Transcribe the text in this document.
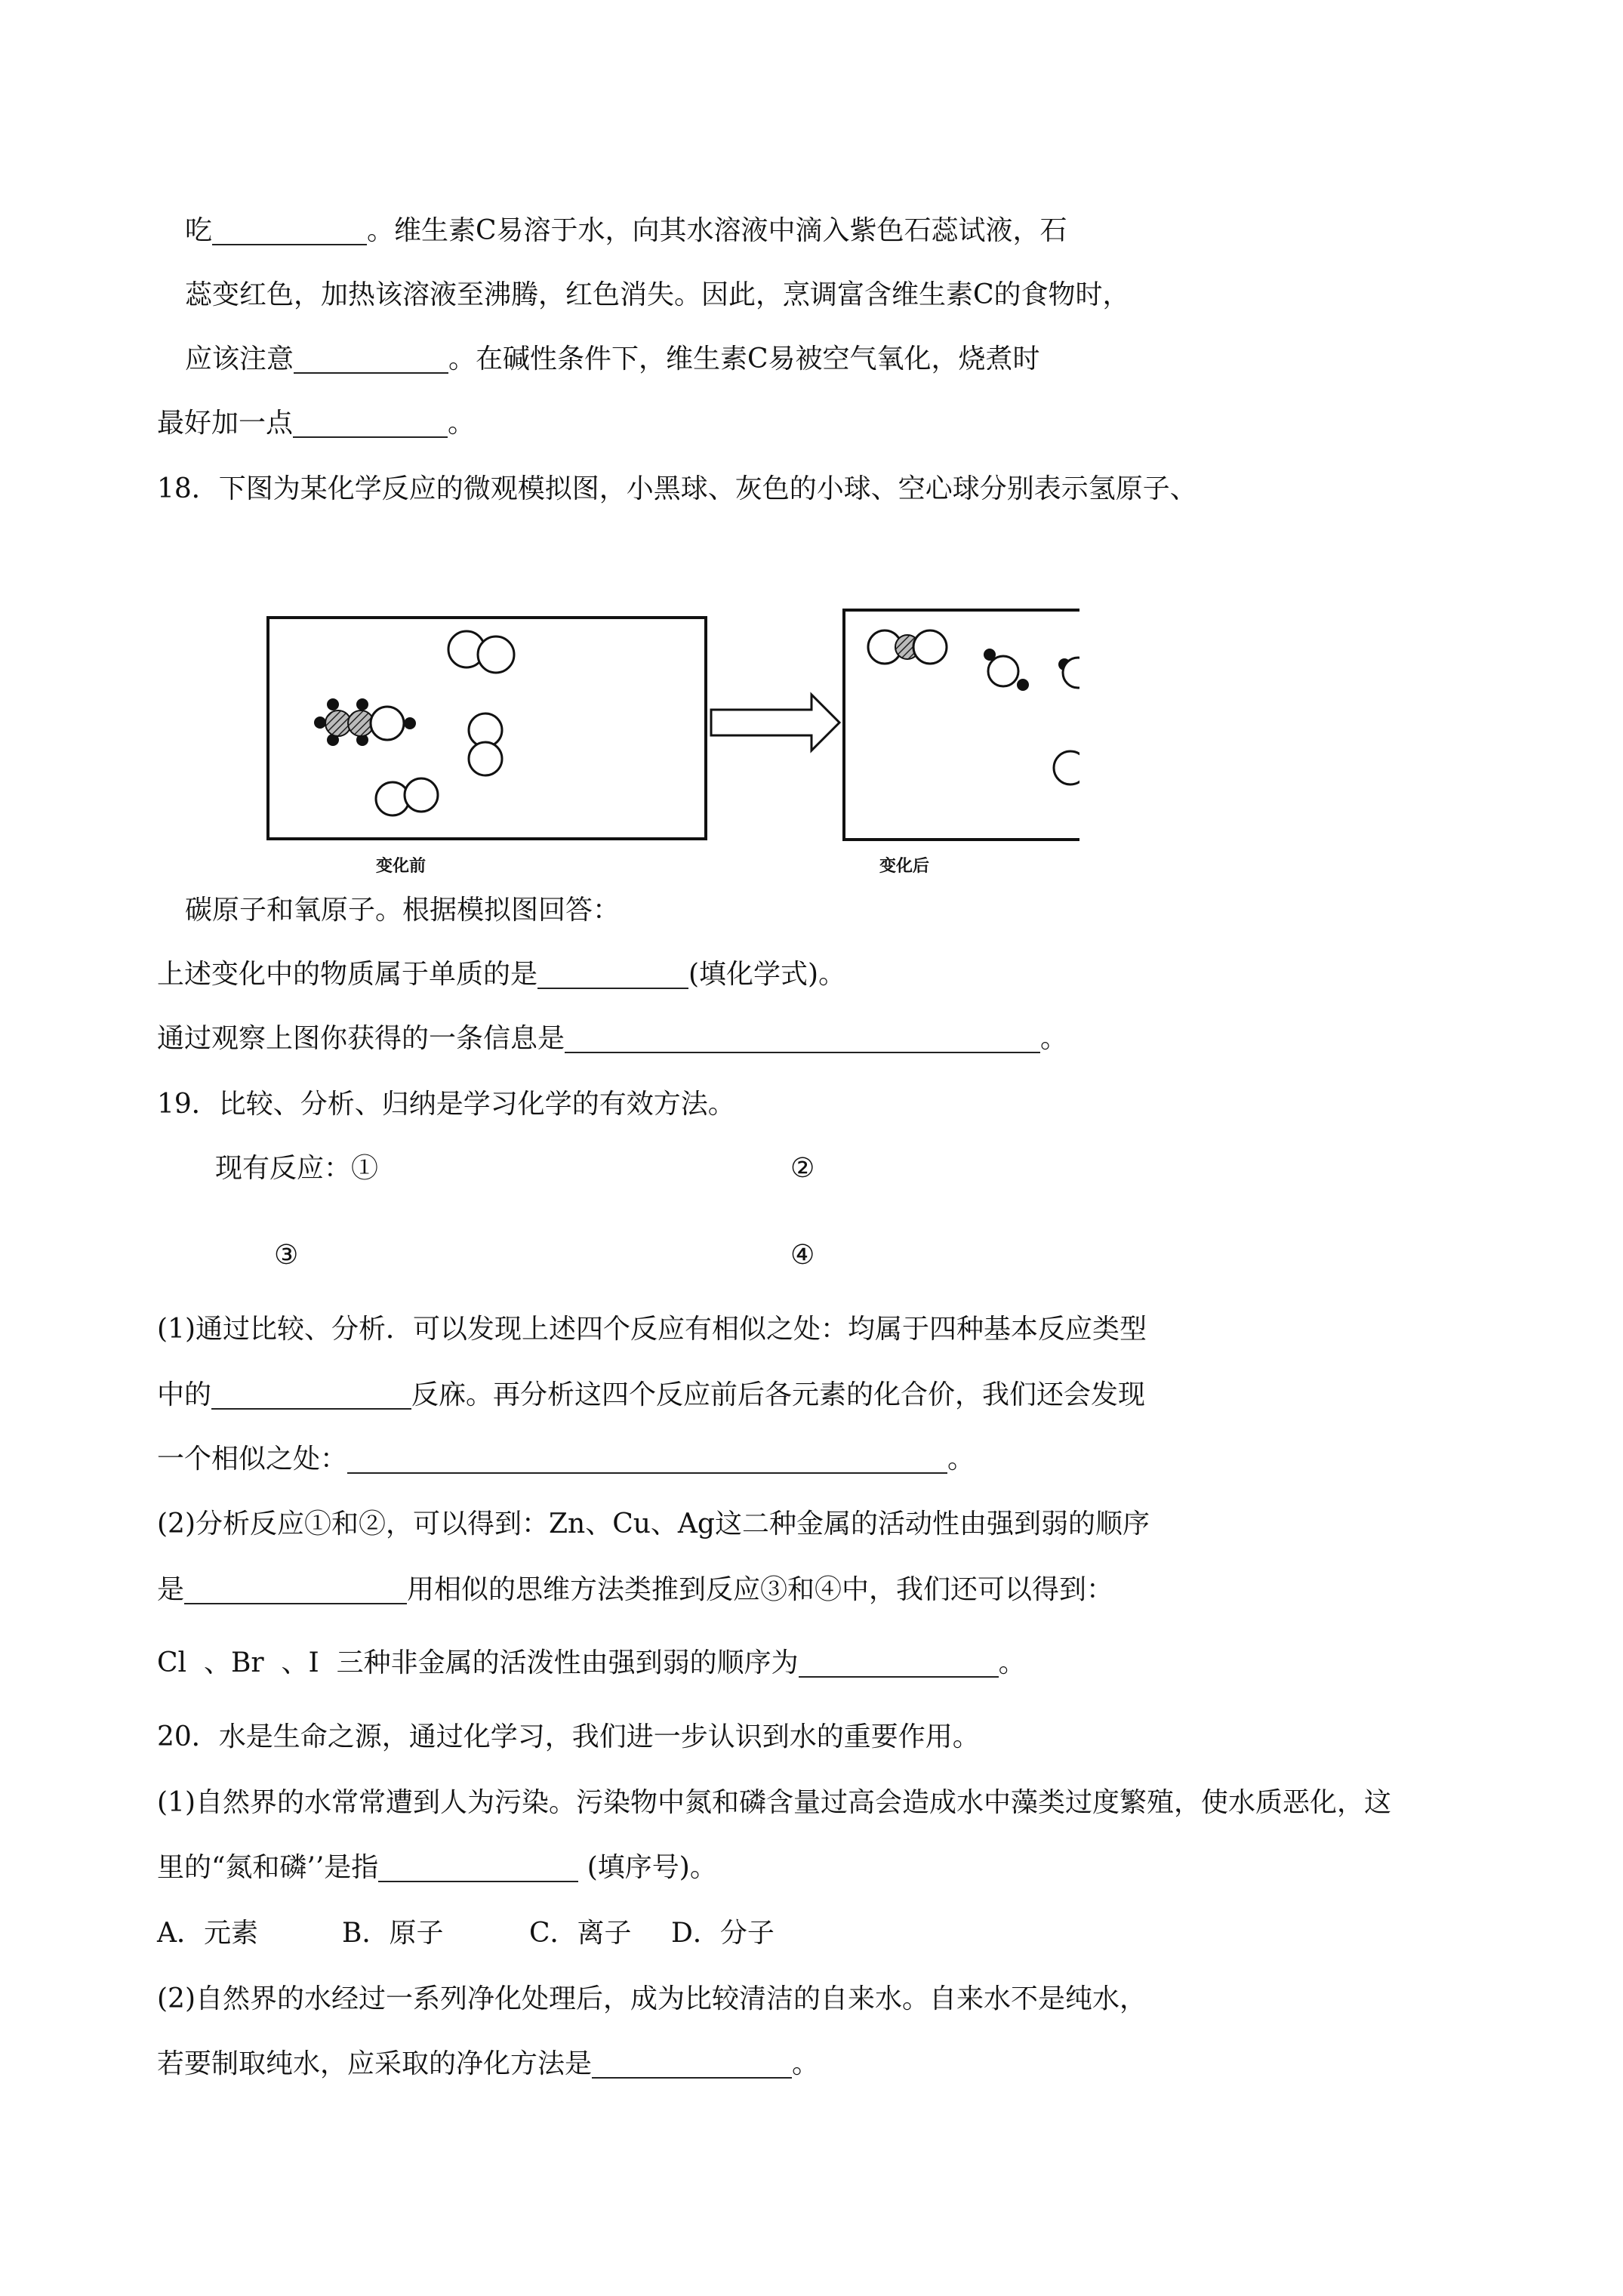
吃	。维生素C易溶于水，向其水溶液中滴入紫色石蕊试液，石
蕊变红色，加热该溶液至沸腾，红色消失。因此，烹调富含维生素C的食物时，
应该注意	。在碱性条件下，维生素C易被空气氧化，烧煮时
最好加一点	。
18．下图为某化学反应的微观模拟图，小黑球、灰色的小球、空心球分别表示氢原子、
变化前	变化后
碳原子和氧原子。根据模拟图回答：
上述变化中的物质属于单质的是	(填化学式)。
通过观察上图你获得的一条信息是	。
19．比较、分析、归纳是学习化学的有效方法。
现有反应：①	②
③	④
(1)通过比较、分析．可以发现上述四个反应有相似之处：均属于四种基本反应类型
中的	反庥。再分析这四个反应前后各元素的化合价，我们还会发现
一个相似之处：	。
(2)分析反应①和②，可以得到：Zn、Cu、Ag这二种金属的活动性由强到弱的顺序
是	用相似的思维方法类推到反应③和④中，我们还可以得到：
Cl  、Br  、I  三种非金属的活泼性由强到弱的顺序为	。
20．水是生命之源，通过化学习，我们进一步认识到水的重要作用。
(1)自然界的水常常遭到人为污染。污染物中氮和磷含量过高会造成水中藻类过度繁殖，使水质恶化，这
里的“氮和磷’’是指	(填序号)。
A．元素	B．原子	C．离子 D．分子
(2)自然界的水经过一系列净化处理后，成为比较清洁的自来水。自来水不是纯水，
若要制取纯水，应采取的净化方法是	。
